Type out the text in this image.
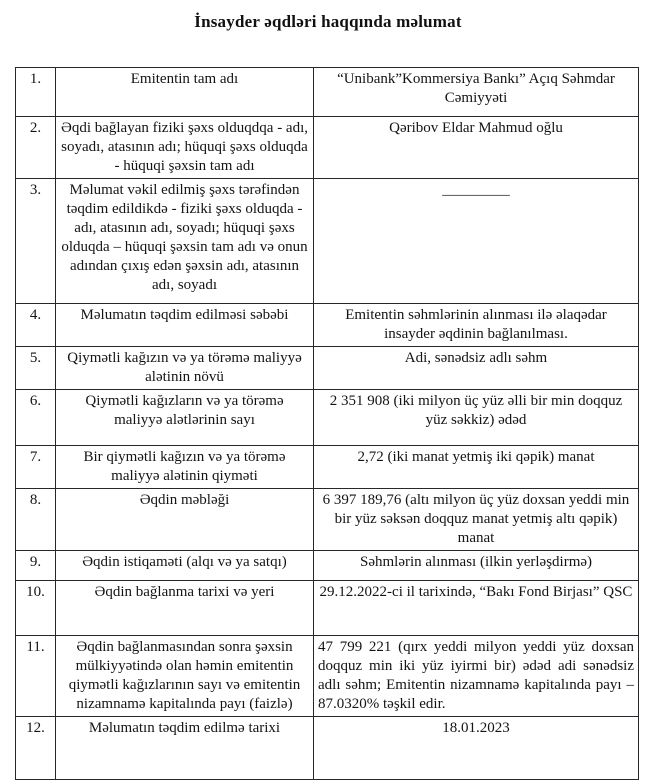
İnsayder əqdləri haqqında məlumat
1.	Emitentin tam adı	“Unibank”Kommersiya Bankı” Açıq Səhmdar Cəmiyyəti
2.	Əqdi bağlayan fiziki şəxs olduqdqa - adı, soyadı, atasının adı; hüquqi şəxs olduqda - hüquqi şəxsin tam adı	Qəribov Eldar Mahmud oğlu
3.	Məlumat vəkil edilmiş şəxs tərəfindən təqdim edildikdə - fiziki şəxs olduqda - adı, atasının adı, soyadı; hüquqi şəxs olduqda – hüquqi şəxsin tam adı və onun adından çıxış edən şəxsin adı, atasının adı, soyadı	_________
4.	Məlumatın təqdim edilməsi səbəbi	Emitentin səhmlərinin alınması ilə əlaqədar insayder əqdinin bağlanılması.
5.	Qiymətli kağızın və ya törəmə maliyyə alətinin növü	Adi, sənədsiz adlı səhm
6.	Qiymətli kağızların və ya törəmə maliyyə alətlərinin sayı	2 351 908 (iki milyon üç yüz əlli bir min doqquz yüz səkkiz) ədəd
7.	Bir qiymətli kağızın və ya törəmə maliyyə alətinin qiyməti	2,72 (iki manat yetmiş iki qəpik) manat
8.	Əqdin məbləği	6 397 189,76 (altı milyon üç yüz doxsan yeddi min bir yüz səksən doqquz manat yetmiş altı qəpik) manat
9.	Əqdin istiqaməti (alqı və ya satqı)	Səhmlərin alınması (ilkin yerləşdirmə)
10.	Əqdin bağlanma tarixi və yeri	29.12.2022-ci il tarixində, “Bakı Fond Birjası” QSC
11.	Əqdin bağlanmasından sonra şəxsin mülkiyyətində olan həmin emitentin qiymətli kağızlarının sayı və emitentin nizamnamə kapitalında payı (faizlə)	47 799 221 (qırx yeddi milyon yeddi yüz doxsan doqquz min iki yüz iyirmi bir) ədəd adi sənədsiz adlı səhm; Emitentin nizamnamə kapitalında payı – 87.0320% təşkil edir.
12.	Məlumatın təqdim edilmə tarixi	18.01.2023
